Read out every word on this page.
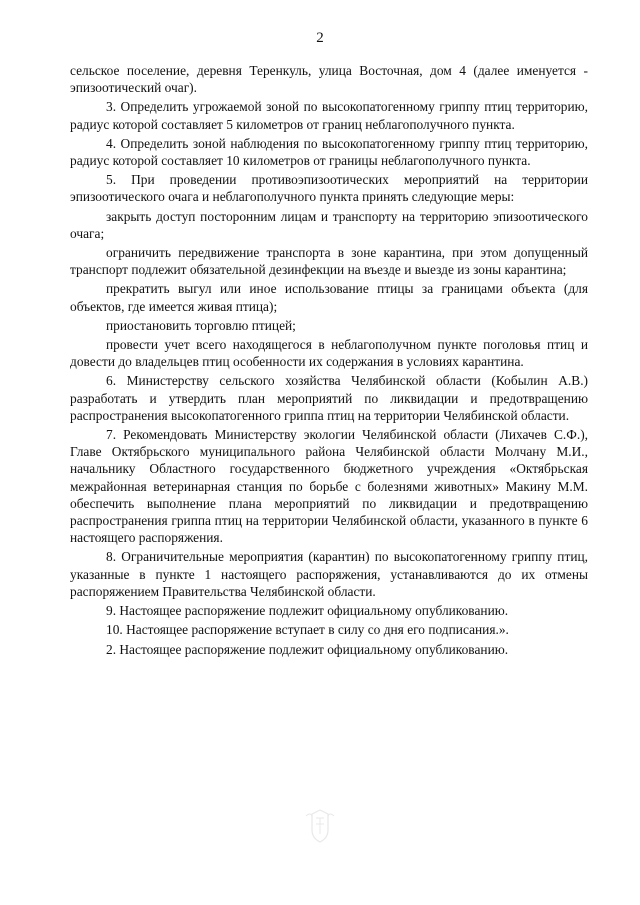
2

сельское поселение, деревня Теренкуль, улица Восточная, дом 4 (далее именуется - эпизоотический очаг).

3. Определить угрожаемой зоной по высокопатогенному гриппу птиц территорию, радиус которой составляет 5 километров от границ неблагополучного пункта.

4. Определить зоной наблюдения по высокопатогенному гриппу птиц территорию, радиус которой составляет 10 километров от границы неблагополучного пункта.

5. При проведении противоэпизоотических мероприятий на территории эпизоотического очага и неблагополучного пункта принять следующие меры:

закрыть доступ посторонним лицам и транспорту на территорию эпизоотического очага;

ограничить передвижение транспорта в зоне карантина, при этом допущенный транспорт подлежит обязательной дезинфекции на въезде и выезде из зоны карантина;

прекратить выгул или иное использование птицы за границами объекта (для объектов, где имеется живая птица);

приостановить торговлю птицей;

провести учет всего находящегося в неблагополучном пункте поголовья птиц и довести до владельцев птиц особенности их содержания в условиях карантина.

6. Министерству сельского хозяйства Челябинской области (Кобылин А.В.) разработать и утвердить план мероприятий по ликвидации и предотвращению распространения высокопатогенного гриппа птиц на территории Челябинской области.

7. Рекомендовать Министерству экологии Челябинской области (Лихачев С.Ф.), Главе Октябрьского муниципального района Челябинской области Молчану М.И., начальнику Областного государственного бюджетного учреждения «Октябрьская межрайонная ветеринарная станция по борьбе с болезнями животных» Макину М.М. обеспечить выполнение плана мероприятий по ликвидации и предотвращению распространения гриппа птиц на территории Челябинской области, указанного в пункте 6 настоящего распоряжения.

8. Ограничительные мероприятия (карантин) по высокопатогенному гриппу птиц, указанные в пункте 1 настоящего распоряжения, устанавливаются до их отмены распоряжением Правительства Челябинской области.

9. Настоящее распоряжение подлежит официальному опубликованию.

10. Настоящее распоряжение вступает в силу со дня его подписания.».

2. Настоящее распоряжение подлежит официальному опубликованию.
